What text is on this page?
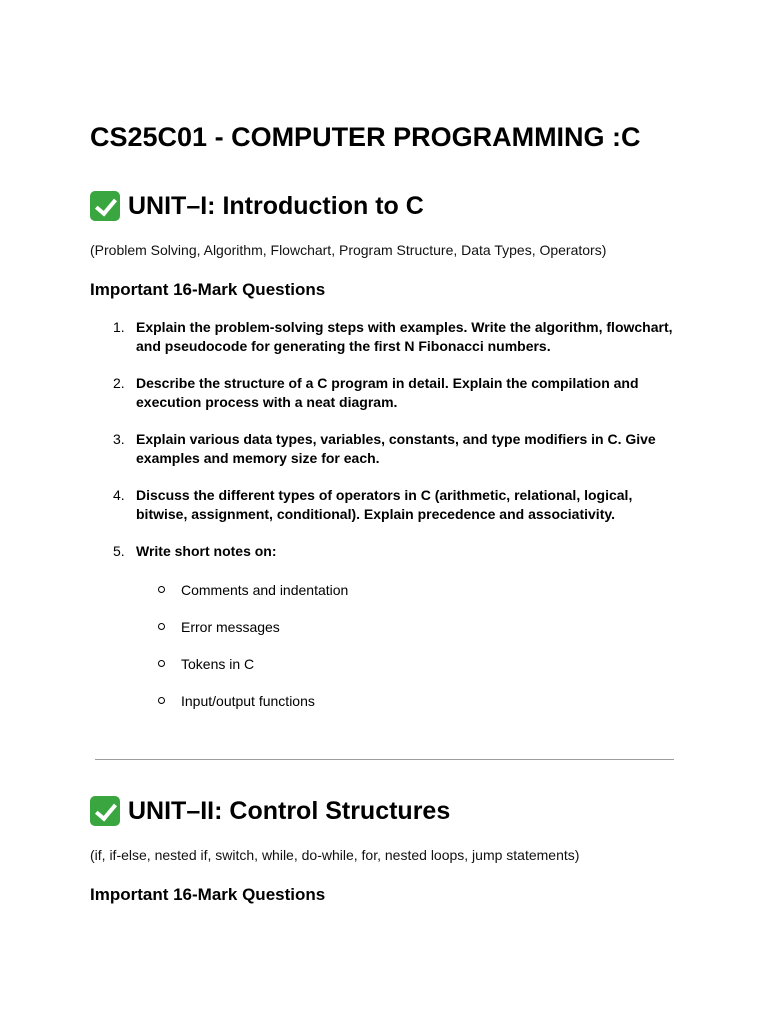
CS25C01 - COMPUTER PROGRAMMING :C
UNIT–I: Introduction to C

(Problem Solving, Algorithm, Flowchart, Program Structure, Data Types, Operators)

Important 16-Mark Questions
1. Explain the problem-solving steps with examples. Write the algorithm, flowchart, and pseudocode for generating the first N Fibonacci numbers.
2. Describe the structure of a C program in detail. Explain the compilation and execution process with a neat diagram.
3. Explain various data types, variables, constants, and type modifiers in C. Give examples and memory size for each.
4. Discuss the different types of operators in C (arithmetic, relational, logical, bitwise, assignment, conditional). Explain precedence and associativity.
5. Write short notes on:
Comments and indentation
Error messages
Tokens in C
Input/output functions
UNIT–II: Control Structures

(if, if-else, nested if, switch, while, do-while, for, nested loops, jump statements)

Important 16-Mark Questions
